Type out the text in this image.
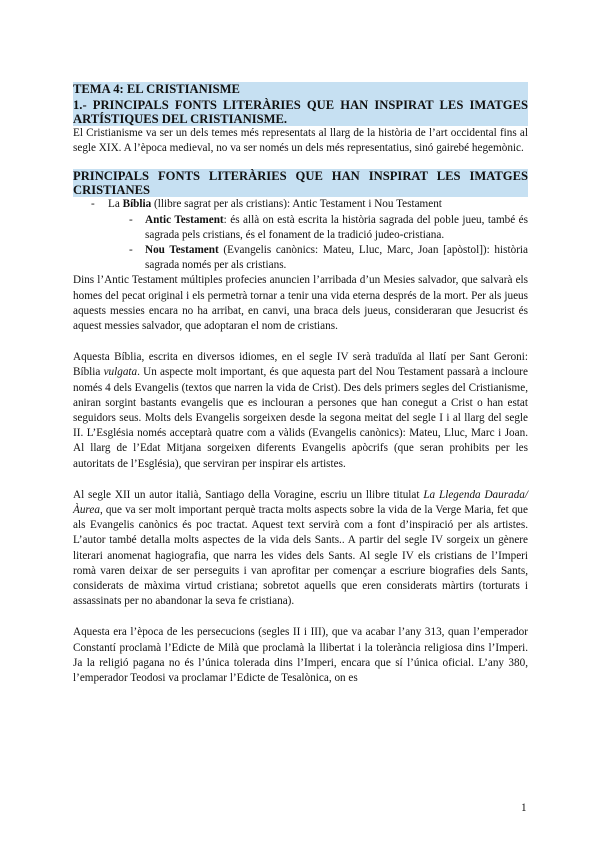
TEMA 4: EL CRISTIANISME
1.- PRINCIPALS FONTS LITERÀRIES QUE HAN INSPIRAT LES IMATGES ARTÍSTIQUES DEL CRISTIANISME.

El Cristianisme va ser un dels temes més representats al llarg de la història de l’art occidental fins al segle XIX. A l’època medieval, no va ser només un dels més representatius, sinó gairebé hegemònic.

PRINCIPALS FONTS LITERÀRIES QUE HAN INSPIRAT LES IMATGES CRISTIANES
- La Bíblia (llibre sagrat per als cristians): Antic Testament i Nou Testament
- Antic Testament: és allà on està escrita la història sagrada del poble jueu, també és sagrada pels cristians, és el fonament de la tradició judeo-cristiana.
- Nou Testament (Evangelis canònics: Mateu, Lluc, Marc, Joan [apòstol]): història sagrada només per als cristians.

Dins l’Antic Testament múltiples profecies anuncien l’arribada d’un Mesies salvador, que salvarà els homes del pecat original i els permetrà tornar a tenir una vida eterna després de la mort. Per als jueus aquests messies encara no ha arribat, en canvi, una braca dels jueus, consideraran que Jesucrist és aquest messies salvador, que adoptaran el nom de cristians.

Aquesta Bíblia, escrita en diversos idiomes, en el segle IV serà traduïda al llatí per Sant Geroni: Bíblia vulgata. Un aspecte molt important, és que aquesta part del Nou Testament passarà a incloure només 4 dels Evangelis (textos que narren la vida de Crist). Des dels primers segles del Cristianisme, aniran sorgint bastants evangelis que es inclouran a persones que han conegut a Crist o han estat seguidors seus. Molts dels Evangelis sorgeixen desde la segona meitat del segle I i al llarg del segle II. L’Església només acceptarà quatre com a vàlids (Evangelis canònics): Mateu, Lluc, Marc i Joan. Al llarg de l’Edat Mitjana sorgeixen diferents Evangelis apòcrifs (que seran prohibits per les autoritats de l’Església), que serviran per inspirar els artistes.

Al segle XII un autor italià, Santiago della Voragine, escriu un llibre titulat La Llegenda Daurada/Àurea, que va ser molt important perquè tracta molts aspects sobre la vida de la Verge Maria, fet que als Evangelis canònics és poc tractat. Aquest text servirà com a font d’inspiració per als artistes. L’autor també detalla molts aspectes de la vida dels Sants.. A partir del segle IV sorgeix un gènere literari anomenat hagiografia, que narra les vides dels Sants. Al segle IV els cristians de l’Imperi romà varen deixar de ser perseguits i van aprofitar per començar a escriure biografies dels Sants, considerats de màxima virtud cristiana; sobretot aquells que eren considerats màrtirs (torturats i assassinats per no abandonar la seva fe cristiana).

Aquesta era l’època de les persecucions (segles II i III), que va acabar l’any 313, quan l’emperador Constantí proclamà l’Edicte de Milà que proclamà la llibertat i la tolerància religiosa dins l’Imperi. Ja la religió pagana no és l’única tolerada dins l’Imperi, encara que sí l’única oficial. L’any 380, l’emperador Teodosi va proclamar l’Edicte de Tesalònica, on es

1
